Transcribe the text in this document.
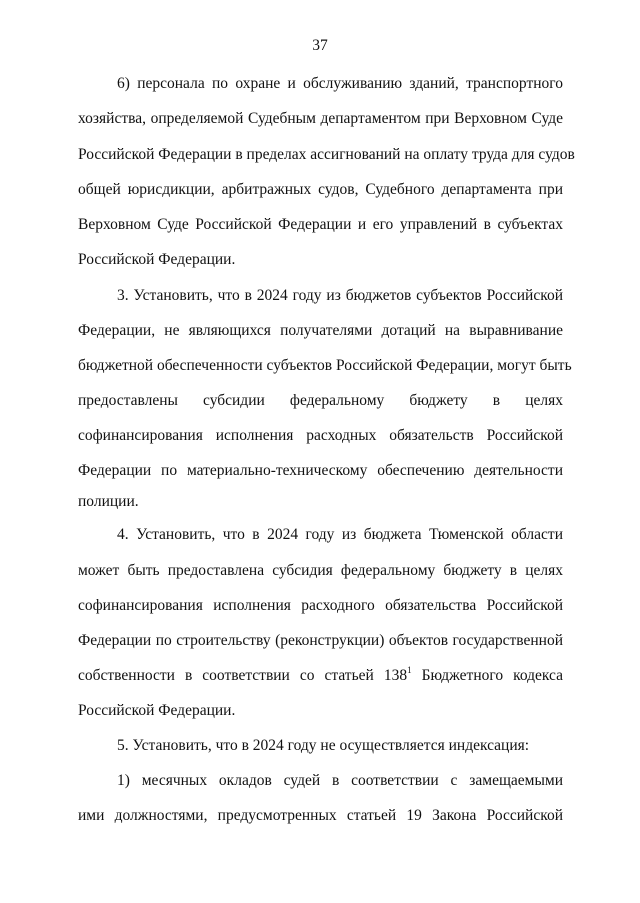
37
6) персонала по охране и обслуживанию зданий, транспортного
хозяйства, определяемой Судебным департаментом при Верховном Суде
Российской Федерации в пределах ассигнований на оплату труда для судов
общей юрисдикции, арбитражных судов, Судебного департамента при
Верховном Суде Российской Федерации и его управлений в субъектах
Российской Федерации.
3. Установить, что в 2024 году из бюджетов субъектов Российской
Федерации, не являющихся получателями дотаций на выравнивание
бюджетной обеспеченности субъектов Российской Федерации, могут быть
предоставлены субсидии федеральному бюджету в целях
софинансирования исполнения расходных обязательств Российской
Федерации по материально-техническому обеспечению деятельности
полиции.
4. Установить, что в 2024 году из бюджета Тюменской области
может быть предоставлена субсидия федеральному бюджету в целях
софинансирования исполнения расходного обязательства Российской
Федерации по строительству (реконструкции) объектов государственной
собственности в соответствии со статьей $138^1$ Бюджетного кодекса
Российской Федерации.
5. Установить, что в 2024 году не осуществляется индексация:
1) месячных окладов судей в соответствии с замещаемыми
ими должностями, предусмотренных статьей 19 Закона Российской
